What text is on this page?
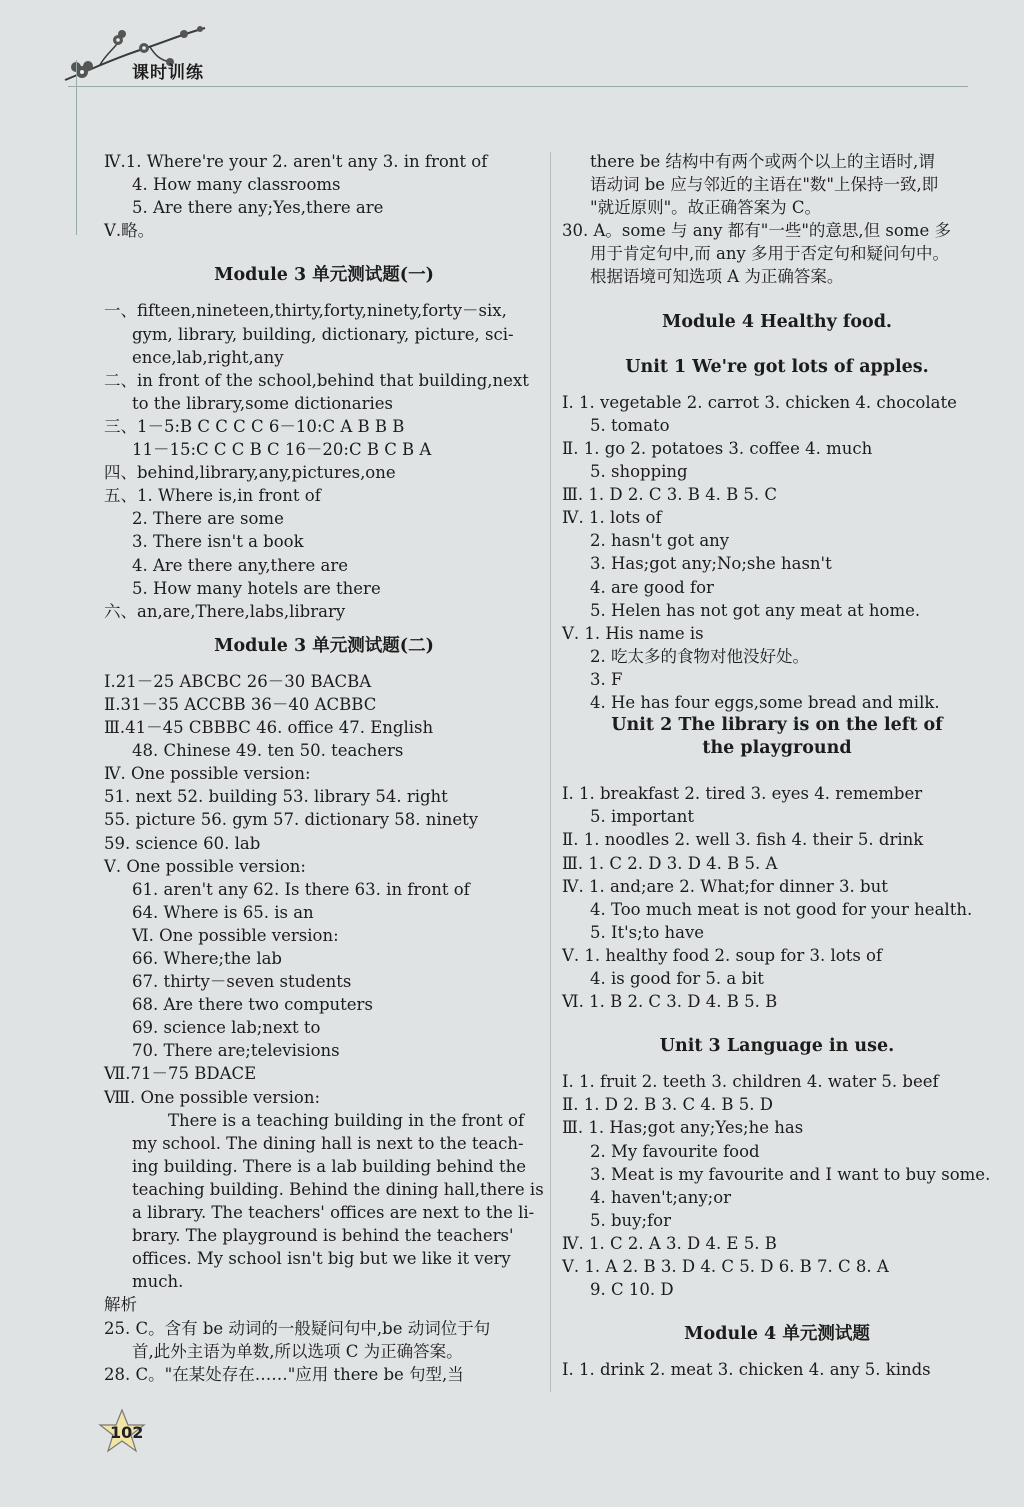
课时训练
Ⅳ.1. Where're your 2. aren't any 3. in front of
4. How many classrooms
5. Are there any;Yes,there are
Ⅴ.略。
Module 3 单元测试题(一)
一、fifteen,nineteen,thirty,forty,ninety,forty－six,
gym, library, building, dictionary, picture, sci-
ence,lab,right,any
二、in front of the school,behind that building,next
to the library,some dictionaries
三、1－5:B C C C C 6－10:C A B B B
11－15:C C C B C 16－20:C B C B A
四、behind,library,any,pictures,one
五、1. Where is,in front of
2. There are some
3. There isn't a book
4. Are there any,there are
5. How many hotels are there
六、an,are,There,labs,library
Module 3 单元测试题(二)
Ⅰ.21－25 ABCBC 26－30 BACBA
Ⅱ.31－35 ACCBB 36－40 ACBBC
Ⅲ.41－45 CBBBC 46. office 47. English
48. Chinese 49. ten 50. teachers
Ⅳ. One possible version:
51. next 52. building 53. library 54. right
55. picture 56. gym 57. dictionary 58. ninety
59. science 60. lab
Ⅴ. One possible version:
61. aren't any 62. Is there 63. in front of
64. Where is 65. is an
Ⅵ. One possible version:
66. Where;the lab
67. thirty－seven students
68. Are there two computers
69. science lab;next to
70. There are;televisions
Ⅶ.71－75 BDACE
Ⅷ. One possible version:
There is a teaching building in the front of
my school. The dining hall is next to the teach-
ing building. There is a lab building behind the
teaching building. Behind the dining hall,there is
a library. The teachers' offices are next to the li-
brary. The playground is behind the teachers'
offices. My school isn't big but we like it very
much.
解析
25. C。含有 be 动词的一般疑问句中,be 动词位于句
首,此外主语为单数,所以选项 C 为正确答案。
28. C。"在某处存在……"应用 there be 句型,当
there be 结构中有两个或两个以上的主语时,谓
语动词 be 应与邻近的主语在"数"上保持一致,即
"就近原则"。故正确答案为 C。
30. A。some 与 any 都有"一些"的意思,但 some 多
用于肯定句中,而 any 多用于否定句和疑问句中。
根据语境可知选项 A 为正确答案。
Module 4 Healthy food.
Unit 1 We're got lots of apples.
Ⅰ. 1. vegetable 2. carrot 3. chicken 4. chocolate
5. tomato
Ⅱ. 1. go 2. potatoes 3. coffee 4. much
5. shopping
Ⅲ. 1. D 2. C 3. B 4. B 5. C
Ⅳ. 1. lots of
2. hasn't got any
3. Has;got any;No;she hasn't
4. are good for
5. Helen has not got any meat at home.
Ⅴ. 1. His name is
2. 吃太多的食物对他没好处。
3. F
4. He has four eggs,some bread and milk.
Unit 2 The library is on the left of
the playground
Ⅰ. 1. breakfast 2. tired 3. eyes 4. remember
5. important
Ⅱ. 1. noodles 2. well 3. fish 4. their 5. drink
Ⅲ. 1. C 2. D 3. D 4. B 5. A
Ⅳ. 1. and;are 2. What;for dinner 3. but
4. Too much meat is not good for your health.
5. It's;to have
Ⅴ. 1. healthy food 2. soup for 3. lots of
4. is good for 5. a bit
Ⅵ. 1. B 2. C 3. D 4. B 5. B
Unit 3 Language in use.
Ⅰ. 1. fruit 2. teeth 3. children 4. water 5. beef
Ⅱ. 1. D 2. B 3. C 4. B 5. D
Ⅲ. 1. Has;got any;Yes;he has
2. My favourite food
3. Meat is my favourite and I want to buy some.
4. haven't;any;or
5. buy;for
Ⅳ. 1. C 2. A 3. D 4. E 5. B
Ⅴ. 1. A 2. B 3. D 4. C 5. D 6. B 7. C 8. A
9. C 10. D
Module 4 单元测试题
Ⅰ. 1. drink 2. meat 3. chicken 4. any 5. kinds
102
